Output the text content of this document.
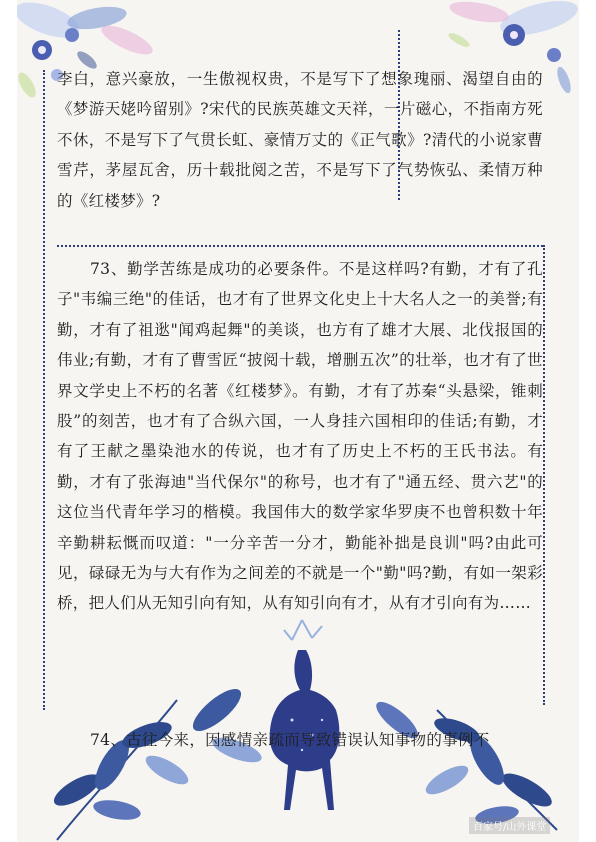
李白，意兴豪放，一生傲视权贵，不是写下了想象瑰丽、渴望自由的《梦游天姥吟留别》?宋代的民族英雄文天祥，一片磁心，不指南方死不休，不是写下了气贯长虹、豪情万丈的《正气歌》?清代的小说家曹雪芹，茅屋瓦舍，历十载批阅之苦，不是写下了气势恢弘、柔情万种的《红楼梦》?

73、勤学苦练是成功的必要条件。不是这样吗?有勤，才有了孔子"韦编三绝"的佳话，也才有了世界文化史上十大名人之一的美誉;有勤，才有了祖逖"闻鸡起舞"的美谈，也方有了雄才大展、北伐报国的伟业;有勤，才有了曹雪匠“披阅十载，增删五次”的壮举，也才有了世界文学史上不朽的名著《红楼梦》。有勤，才有了苏秦“头悬梁，锥刺股”的刻苦，也才有了合纵六国，一人身挂六国相印的佳话;有勤，才有了王献之墨染池水的传说，也才有了历史上不朽的王氏书法。有勤，才有了张海迪"当代保尔"的称号，也才有了"通五经、贯六艺"的这位当代青年学习的楷模。我国伟大的数学家华罗庚不也曾积数十年辛勤耕耘慨而叹道："一分辛苦一分才，勤能补拙是良训"吗?由此可见，碌碌无为与大有作为之间差的不就是一个"勤"吗?勤，有如一架彩桥，把人们从无知引向有知，从有知引向有才，从有才引向有为……

74、古往今来，因感情亲疏而导致错误认知事物的事例不

百家号/山外课堂
